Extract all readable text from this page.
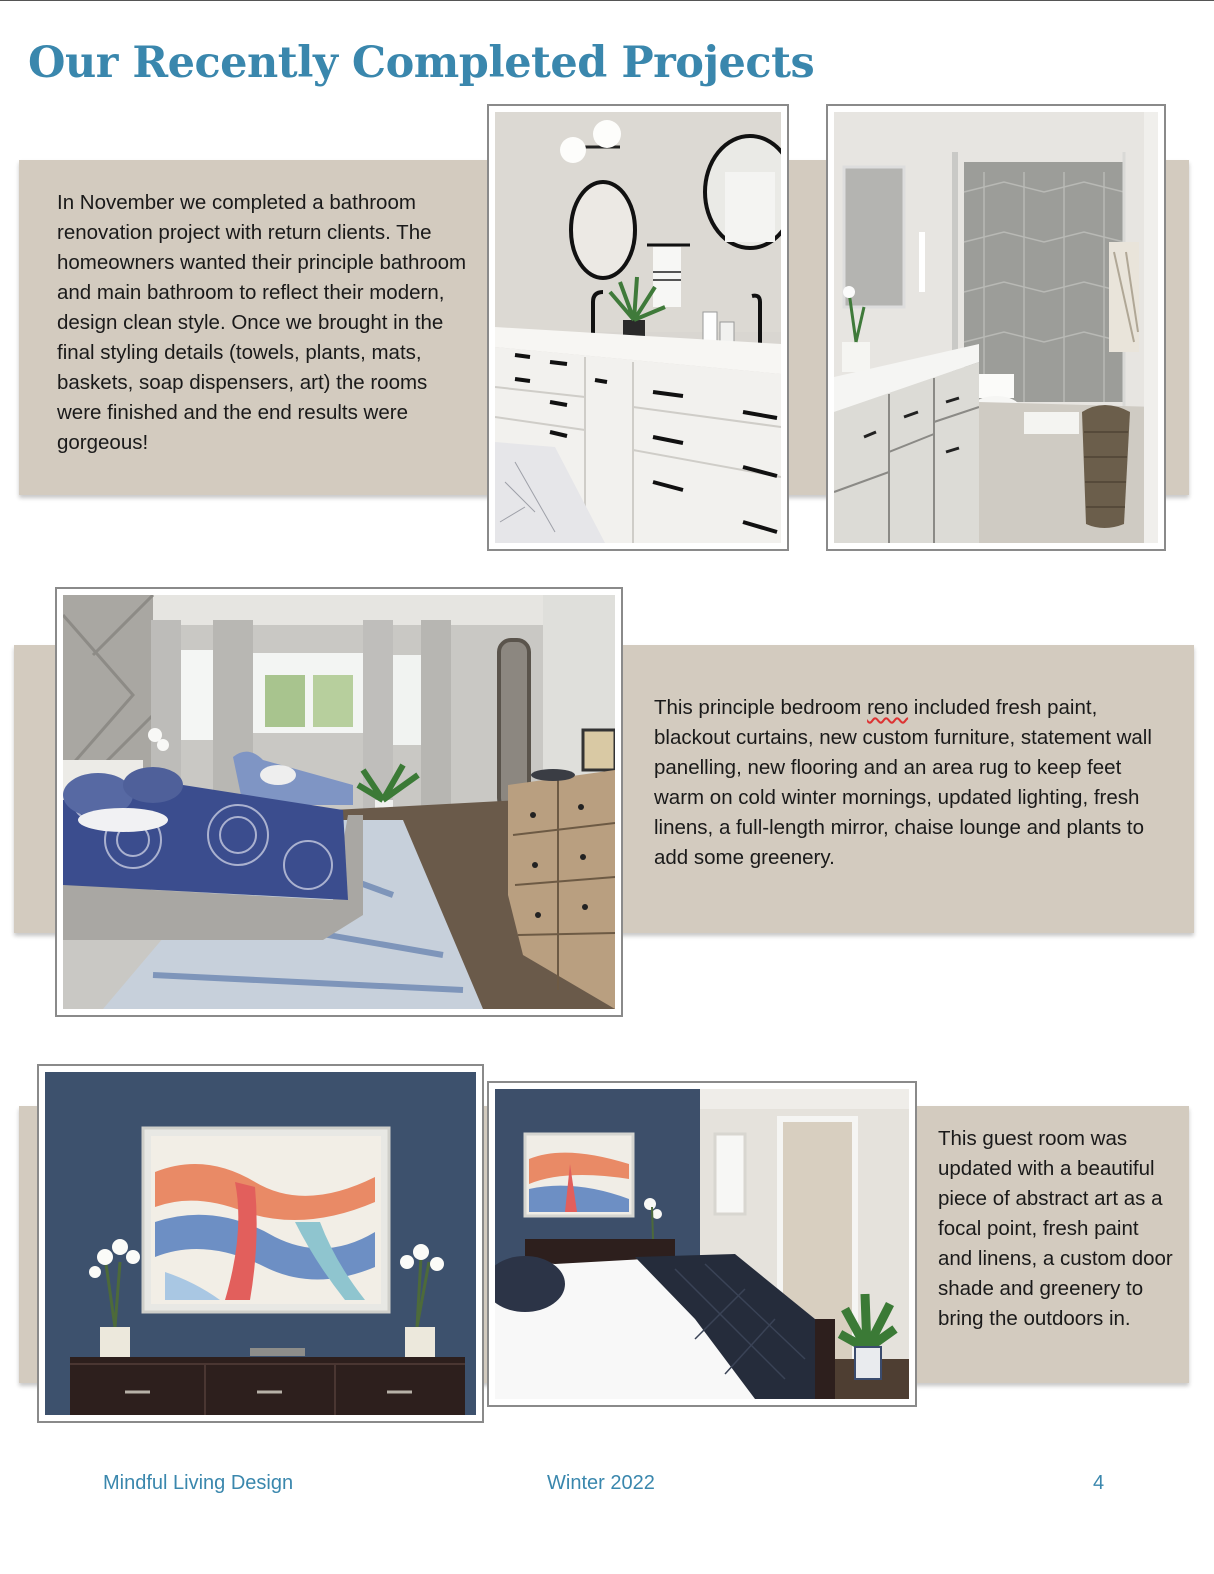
Our Recently Completed Projects

In November we completed a bathroom renovation project with return clients. The homeowners wanted their principle bathroom and main bathroom to reflect their modern, design clean style. Once we brought in the final styling details (towels, plants, mats, baskets, soap dispensers, art) the rooms were finished and the end results were gorgeous!

This principle bedroom reno included fresh paint, blackout curtains, new custom furniture, statement wall panelling, new flooring and an area rug to keep feet warm on cold winter mornings, updated lighting, fresh linens, a full-length mirror, chaise lounge and plants to add some greenery.

This guest room was updated with a beautiful piece of abstract art as a focal point, fresh paint and linens, a custom door shade and greenery to bring the outdoors in.

Mindful Living Design	Winter 2022	4
